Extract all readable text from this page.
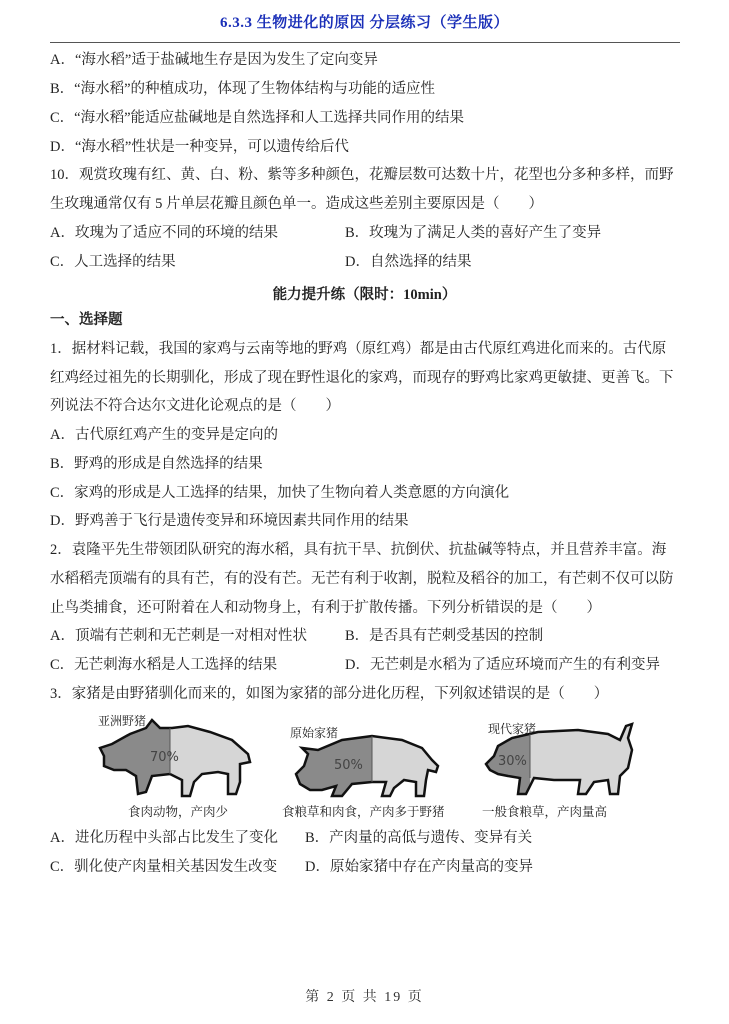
6.3.3 生物进化的原因 分层练习（学生版）
A．“海水稻”适于盐碱地生存是因为发生了定向变异
B．“海水稻”的种植成功，体现了生物体结构与功能的适应性
C．“海水稻”能适应盐碱地是自然选择和人工选择共同作用的结果
D．“海水稻”性状是一种变异，可以遗传给后代
10．观赏玫瑰有红、黄、白、粉、紫等多种颜色，花瓣层数可达数十片，花型也分多种多样，而野
生玫瑰通常仅有 5 片单层花瓣且颜色单一。造成这些差别主要原因是（　　）
A．玫瑰为了适应不同的环境的结果	B．玫瑰为了满足人类的喜好产生了变异
C．人工选择的结果	D．自然选择的结果
能力提升练（限时：10min）
一、选择题
1．据材料记载，我国的家鸡与云南等地的野鸡（原红鸡）都是由古代原红鸡进化而来的。古代原
红鸡经过祖先的长期驯化，形成了现在野性退化的家鸡，而现存的野鸡比家鸡更敏捷、更善飞。下
列说法不符合达尔文进化论观点的是（　　）
A．古代原红鸡产生的变异是定向的
B．野鸡的形成是自然选择的结果
C．家鸡的形成是人工选择的结果，加快了生物向着人类意愿的方向演化
D．野鸡善于飞行是遗传变异和环境因素共同作用的结果
2．袁隆平先生带领团队研究的海水稻，具有抗干旱、抗倒伏、抗盐碱等特点，并且营养丰富。海
水稻稻壳顶端有的具有芒，有的没有芒。无芒有利于收割，脱粒及稻谷的加工，有芒刺不仅可以防
止鸟类捕食，还可附着在人和动物身上，有利于扩散传播。下列分析错误的是（　　）
A．顶端有芒刺和无芒刺是一对相对性状	B．是否具有芒刺受基因的控制
C．无芒刺海水稻是人工选择的结果	D．无芒刺是水稻为了适应环境而产生的有利变异
3．家猪是由野猪驯化而来的，如图为家猪的部分进化历程，下列叙述错误的是（　　）
亚洲野猪
70%
食肉动物，产肉少
原始家猪
50%
食粮草和肉食，产肉多于野猪
现代家猪
30%
一般食粮草，产肉量高
A．进化历程中头部占比发生了变化 B．产肉量的高低与遗传、变异有关
C．驯化使产肉量相关基因发生改变 D．原始家猪中存在产肉量高的变异
第 2 页 共 19 页
